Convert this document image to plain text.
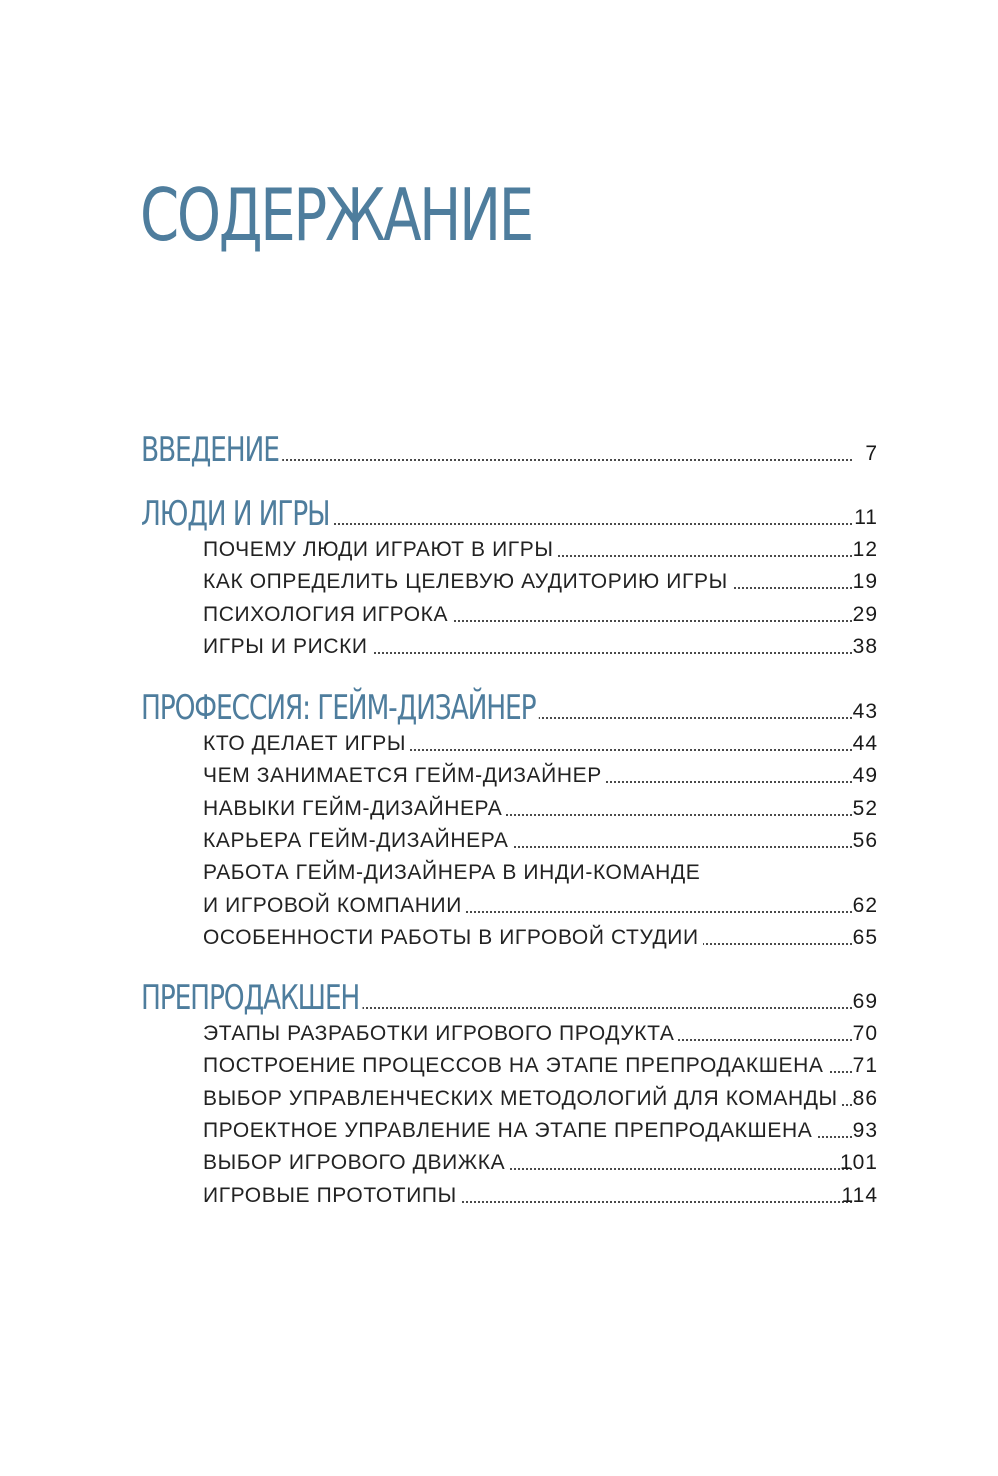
СОДЕРЖАНИЕ
ВВЕДЕНИЕ	7
ЛЮДИ И ИГРЫ	11
ПОЧЕМУ ЛЮДИ ИГРАЮТ В ИГРЫ	12
КАК ОПРЕДЕЛИТЬ ЦЕЛЕВУЮ АУДИТОРИЮ ИГРЫ	19
ПСИХОЛОГИЯ ИГРОКА	29
ИГРЫ И РИСКИ	38
ПРОФЕССИЯ: ГЕЙМ-ДИЗАЙНЕР	43
КТО ДЕЛАЕТ ИГРЫ	44
ЧЕМ ЗАНИМАЕТСЯ ГЕЙМ-ДИЗАЙНЕР	49
НАВЫКИ ГЕЙМ-ДИЗАЙНЕРА	52
КАРЬЕРА ГЕЙМ-ДИЗАЙНЕРА	56
РАБОТА ГЕЙМ-ДИЗАЙНЕРА В ИНДИ-КОМАНДЕ
И ИГРОВОЙ КОМПАНИИ	62
ОСОБЕННОСТИ РАБОТЫ В ИГРОВОЙ СТУДИИ	65
ПРЕПРОДАКШЕН	69
ЭТАПЫ РАЗРАБОТКИ ИГРОВОГО ПРОДУКТА	70
ПОСТРОЕНИЕ ПРОЦЕССОВ НА ЭТАПЕ ПРЕПРОДАКШЕНА 71
ВЫБОР УПРАВЛЕНЧЕСКИХ МЕТОДОЛОГИЙ ДЛЯ КОМАНДЫ 86
ПРОЕКТНОЕ УПРАВЛЕНИЕ НА ЭТАПЕ ПРЕПРОДАКШЕНА 93
ВЫБОР ИГРОВОГО ДВИЖКА	101
ИГРОВЫЕ ПРОТОТИПЫ	114
